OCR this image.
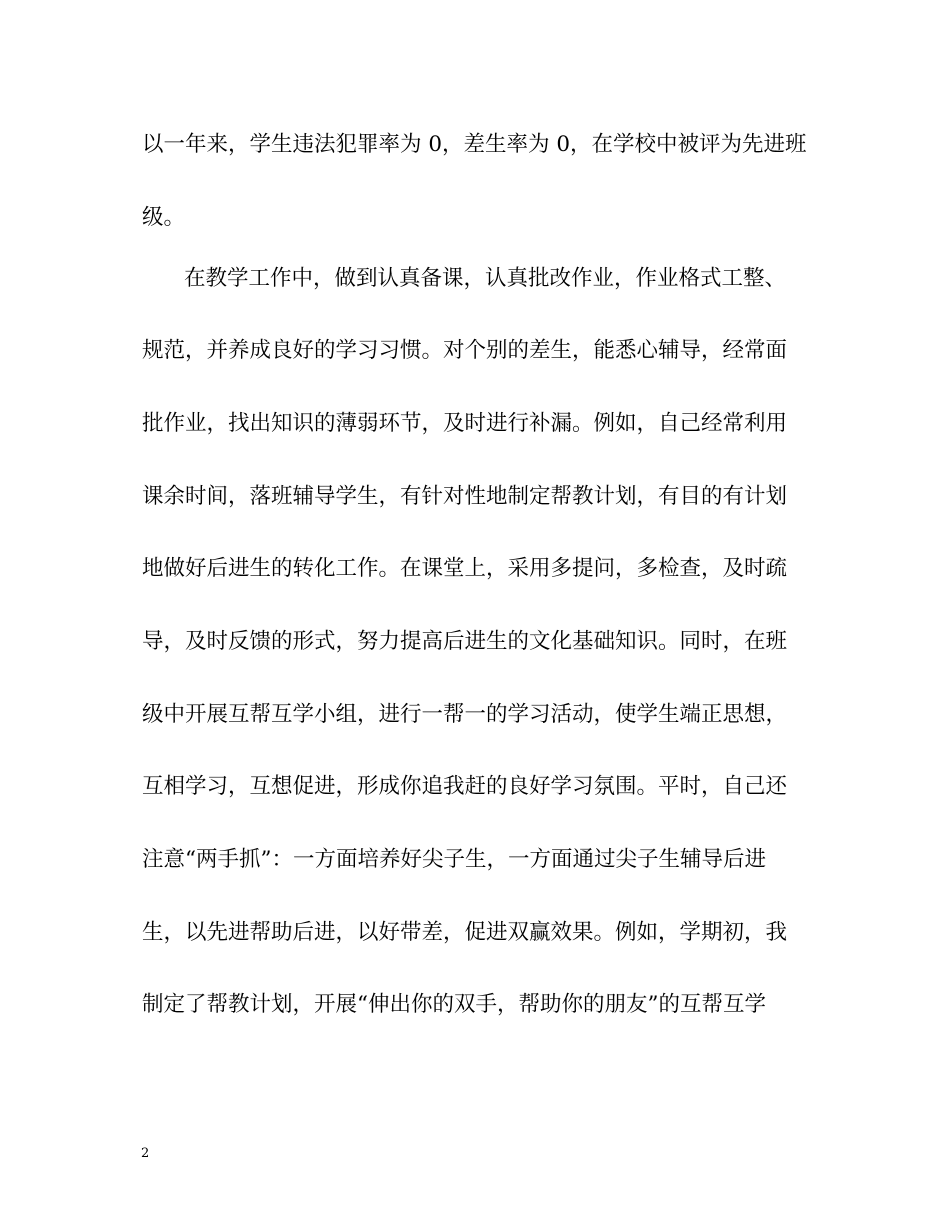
以一年来，学生违法犯罪率为 0，差生率为 0，在学校中被评为先进班
级。
在教学工作中，做到认真备课，认真批改作业，作业格式工整、
规范，并养成良好的学习习惯。对个别的差生，能悉心辅导，经常面
批作业，找出知识的薄弱环节，及时进行补漏。例如，自己经常利用
课余时间，落班辅导学生，有针对性地制定帮教计划，有目的有计划
地做好后进生的转化工作。在课堂上，采用多提问，多检查，及时疏
导，及时反馈的形式，努力提高后进生的文化基础知识。同时，在班
级中开展互帮互学小组，进行一帮一的学习活动，使学生端正思想，
互相学习，互想促进，形成你追我赶的良好学习氛围。平时，自己还
注意“两手抓”：一方面培养好尖子生，一方面通过尖子生辅导后进
生，以先进帮助后进，以好带差，促进双赢效果。例如，学期初，我
制定了帮教计划，开展“伸出你的双手，帮助你的朋友”的互帮互学
2
